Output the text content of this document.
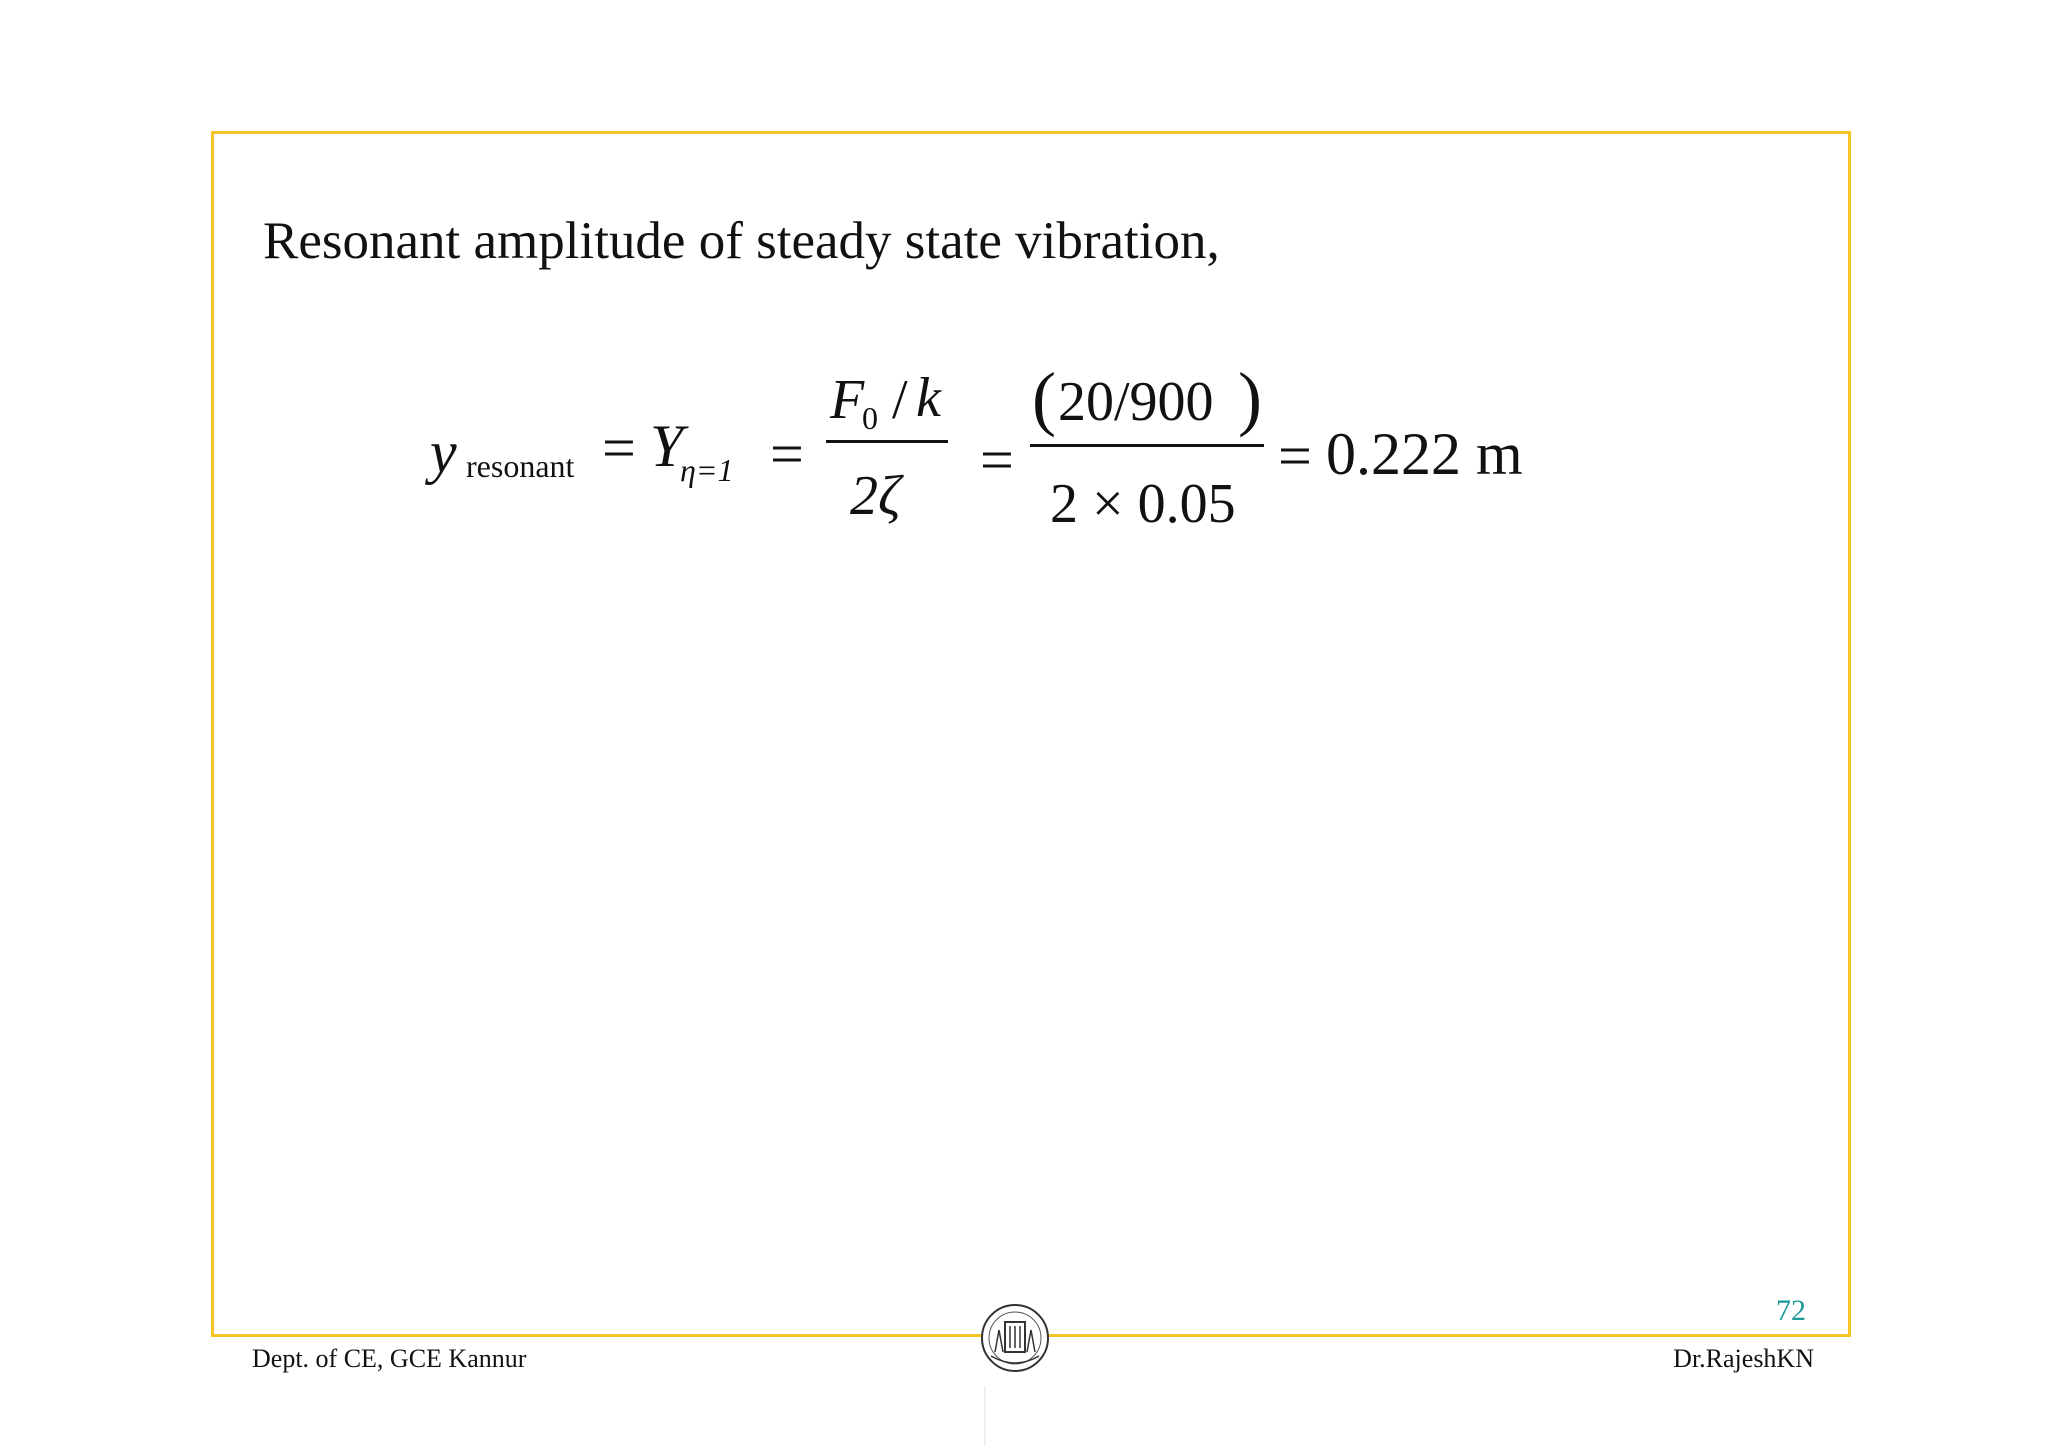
Resonant amplitude of steady state vibration,
y resonant = Y
η=1 =
F
0 / k
2ζ
=
( 20/900 )
2 × 0.05
= 0.222 m
72
Dept. of CE, GCE Kannur	Dr.RajeshKN
